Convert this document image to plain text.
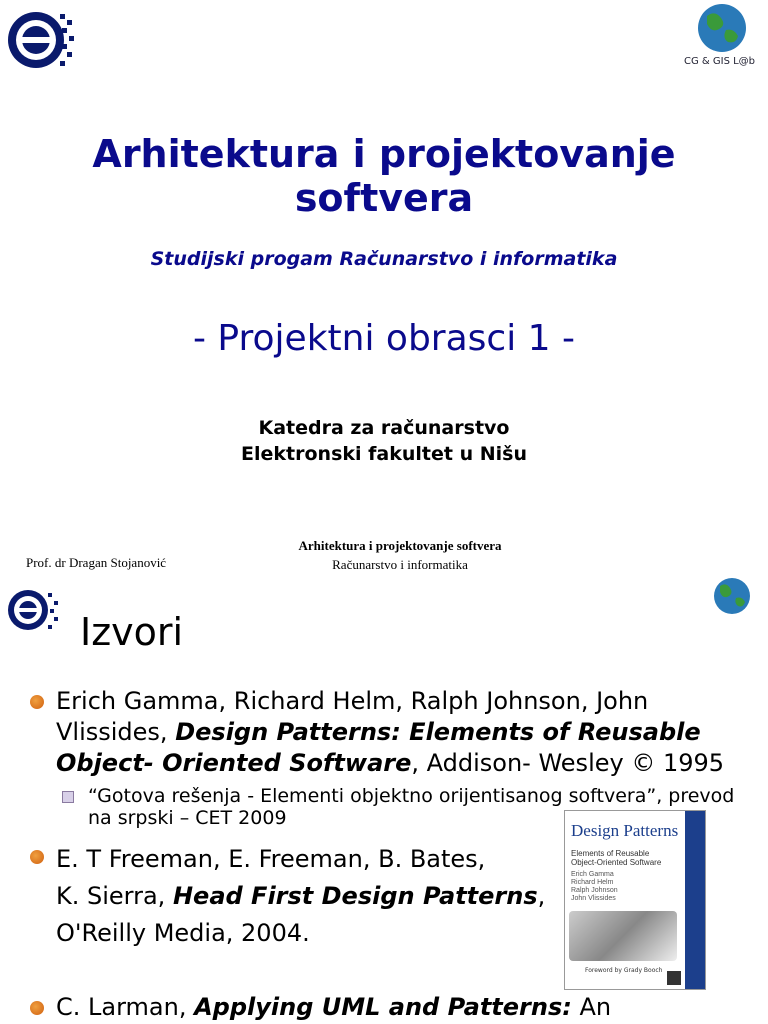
CG & GIS L@b
Arhitektura i projektovanje softvera
Studijski progam Računarstvo i informatika
- Projektni obrasci 1 -
Katedra za računarstvo
Elektronski fakultet u Nišu
Arhitektura i projektovanje softvera
Računarstvo i informatika
Prof. dr Dragan Stojanović
Izvori
Erich Gamma, Richard Helm, Ralph Johnson, John
Vlissides, Design Patterns: Elements of Reusable
Object- Oriented Software, Addison- Wesley © 1995
“Gotova rešenja - Elementi objektno orijentisanog softvera”, prevod
na srpski – CET 2009
E. T Freeman, E. Freeman, B. Bates,
K. Sierra, Head First Design Patterns,
O'Reilly Media, 2004.
C. Larman, Applying UML and Patterns: An
Design Patterns
Elements of Reusable
Object-Oriented Software
Erich Gamma
Richard Helm
Ralph Johnson
John Vlissides
Foreword by Grady Booch
